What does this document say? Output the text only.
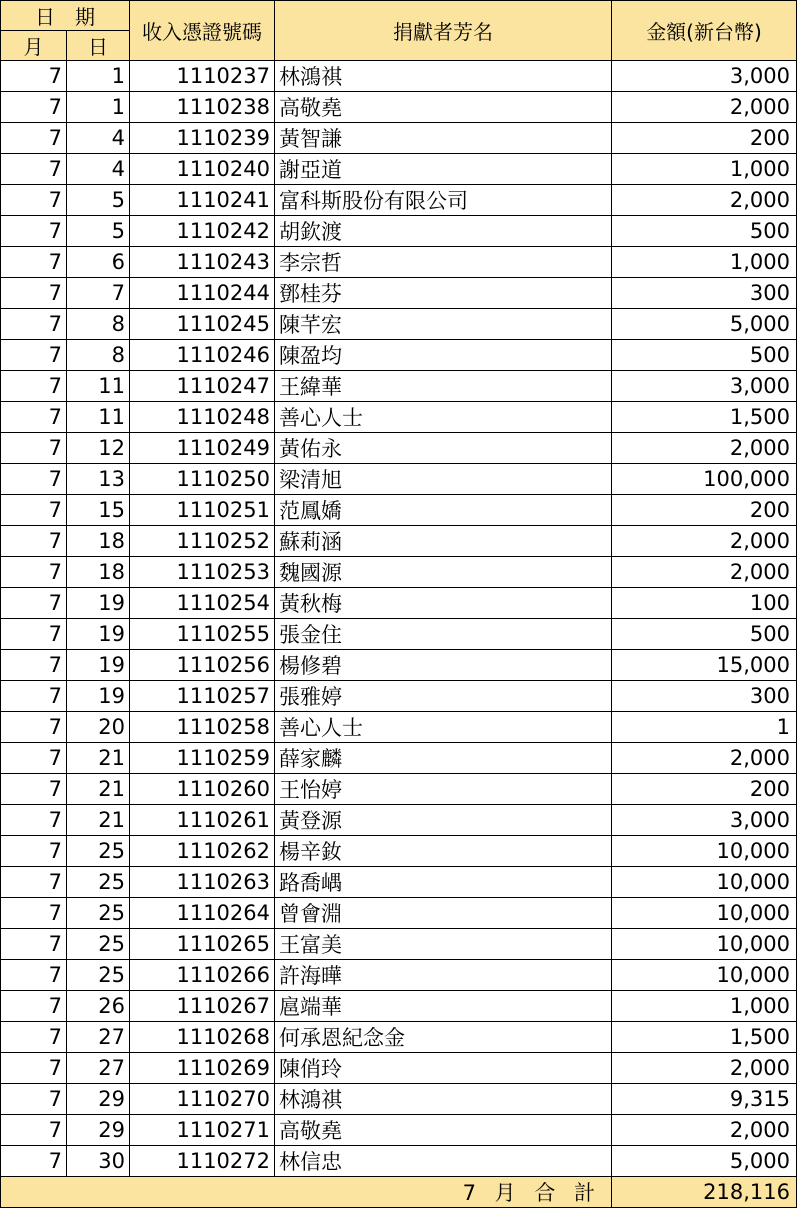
日　期		收入憑證號碼	捐獻者芳名	金額(新台幣)
月	日			
7	1	1110237	林鴻祺	3,000
7	1	1110238	高敬堯	2,000
7	4	1110239	黃智謙	200
7	4	1110240	謝亞道	1,000
7	5	1110241	富科斯股份有限公司	2,000
7	5	1110242	胡欽渡	500
7	6	1110243	李宗哲	1,000
7	7	1110244	鄧桂芬	300
7	8	1110245	陳芊宏	5,000
7	8	1110246	陳盈均	500
7	11	1110247	王緯華	3,000
7	11	1110248	善心人士	1,500
7	12	1110249	黃佑永	2,000
7	13	1110250	梁清旭	100,000
7	15	1110251	范鳳嬌	200
7	18	1110252	蘇莉涵	2,000
7	18	1110253	魏國源	2,000
7	19	1110254	黃秋梅	100
7	19	1110255	張金住	500
7	19	1110256	楊修碧	15,000
7	19	1110257	張雅婷	300
7	20	1110258	善心人士	1
7	21	1110259	薛家麟	2,000
7	21	1110260	王怡婷	200
7	21	1110261	黃登源	3,000
7	25	1110262	楊辛釹	10,000
7	25	1110263	路喬嵎	10,000
7	25	1110264	曾會淵	10,000
7	25	1110265	王富美	10,000
7	25	1110266	許海曄	10,000
7	26	1110267	扈端華	1,000
7	27	1110268	何承恩紀念金	1,500
7	27	1110269	陳俏玲	2,000
7	29	1110270	林鴻祺	9,315
7	29	1110271	高敬堯	2,000
7	30	1110272	林信忠	5,000
7 月 合 計				218,116
